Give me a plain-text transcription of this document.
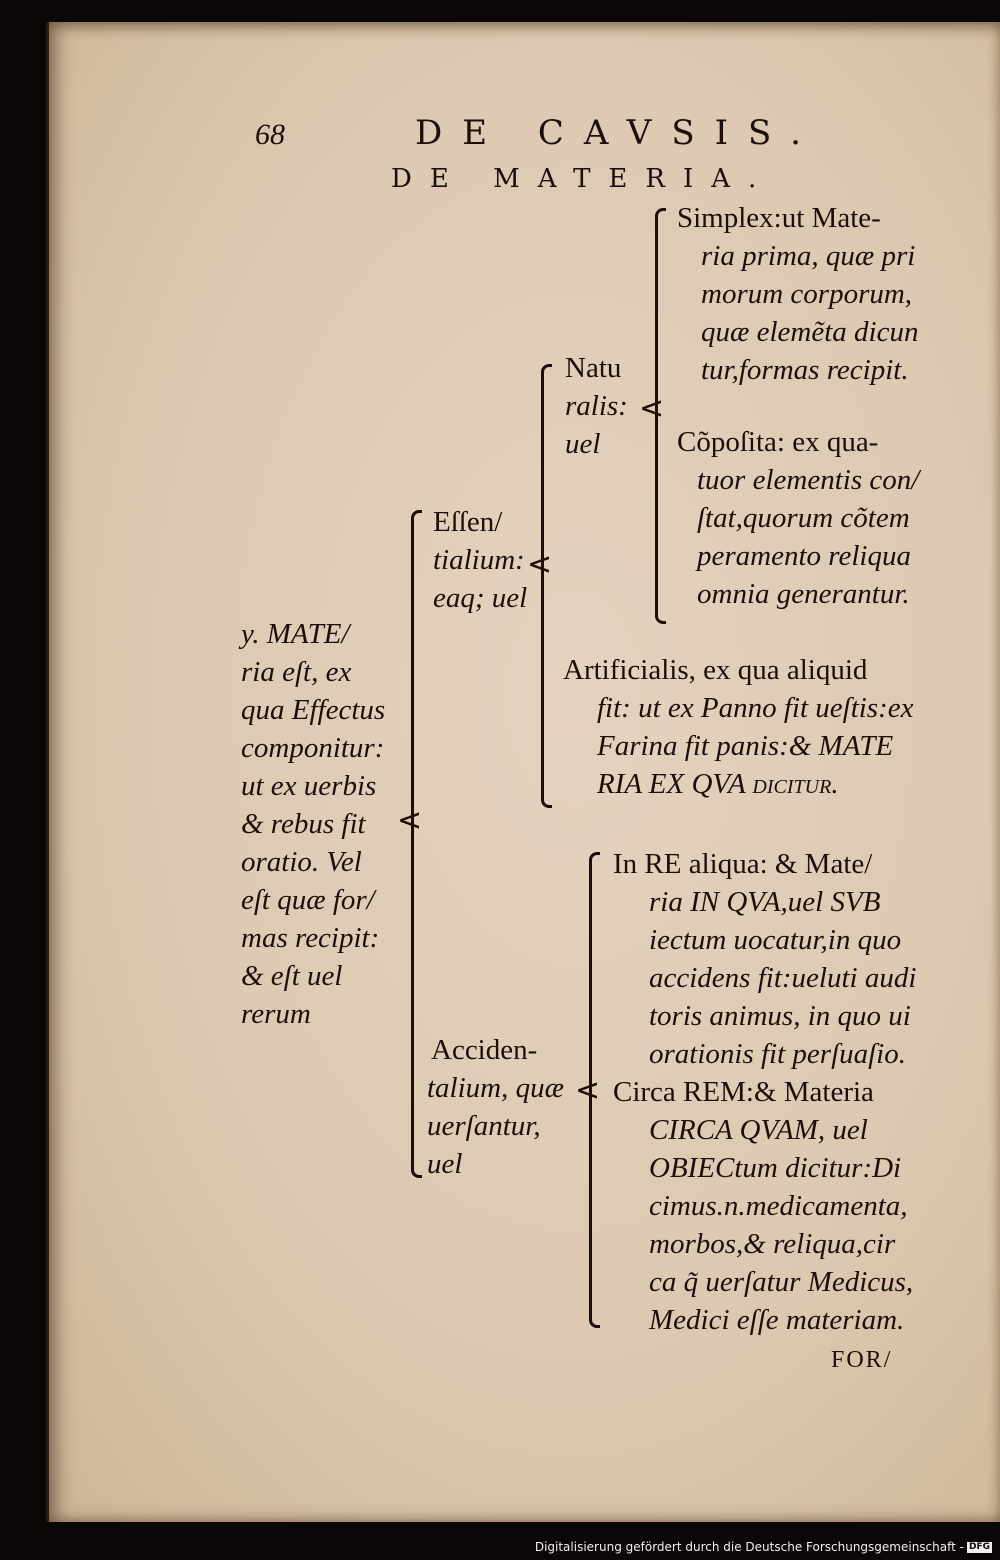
68	DE CAVSIS.
DE MATERIA.
y. MATE/
ria eſt, ex
qua Effectus
componitur:
ut ex uerbis
& rebus fit
oratio. Vel
eſt quæ for/
mas recipit:
& eſt uel
rerum
<
Eſſen/
tialium:
eaq; uel
<
Natu
ralis:
uel
<
Simplex:ut Mate-
ria prima, quæ pri
morum corporum,
quæ elemẽta dicun
tur,formas recipit.
Cõpoſita: ex qua-
tuor elementis con/
ſtat,quorum cõtem
peramento reliqua
omnia generantur.
Artificialis, ex qua aliquid
fit: ut ex Panno fit ueſtis:ex
Farina fit panis:& MATE
RIA EX QVA dicitur.
Acciden-
talium, quæ
uerſantur,
uel
<
In RE aliqua: & Mate/
ria IN QVA,uel SVB
iectum uocatur,in quo
accidens fit:ueluti audi
toris animus, in quo ui
orationis fit perſuaſio.
Circa REM:& Materia
CIRCA QVAM, uel
OBIECtum dicitur:Di
cimus.n.medicamenta,
morbos,& reliqua,cir
ca q̃ uerſatur Medicus,
Medici eſſe materiam.
FOR/
Digitalisierung gefördert durch die Deutsche Forschungsgemeinschaft - DFG
